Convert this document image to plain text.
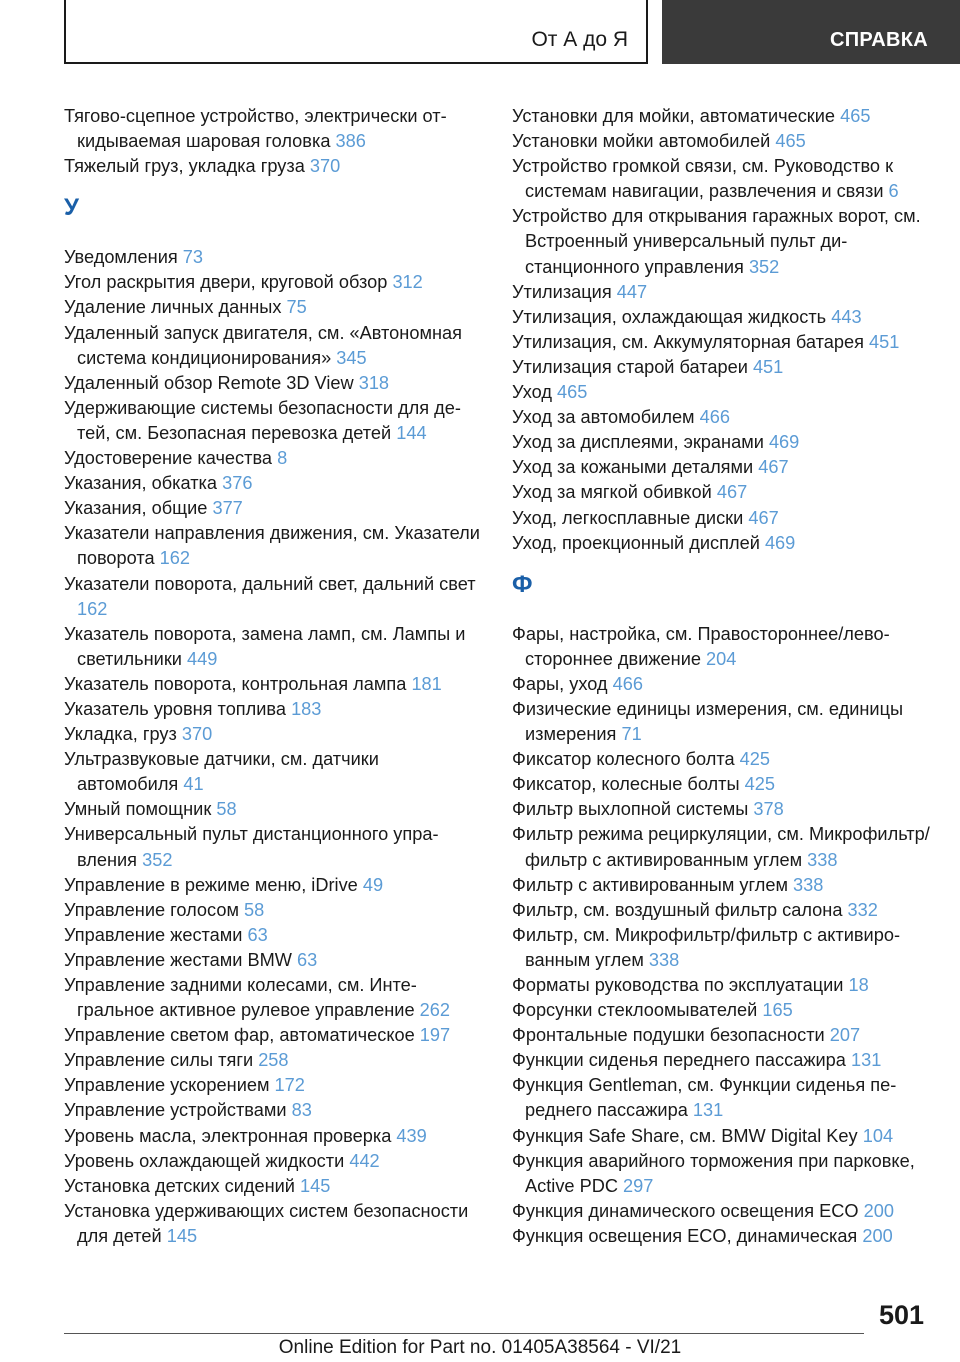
От А до Я	СПРАВКА
Тягово-сцепное устройство, электрически откидываемая шаровая головка 386
Тяжелый груз, укладка груза 370
У
Уведомления 73
Угол раскрытия двери, круговой обзор 312
Удаление личных данных 75
Удаленный запуск двигателя, см. «Автономная система кондиционирования» 345
Удаленный обзор Remote 3D View 318
Удерживающие системы безопасности для детей, см. Безопасная перевозка детей 144
Удостоверение качества 8
Указания, обкатка 376
Указания, общие 377
Указатели направления движения, см. Указатели поворота 162
Указатели поворота, дальний свет, дальний свет 162
Указатель поворота, замена ламп, см. Лампы и светильники 449
Указатель поворота, контрольная лампа 181
Указатель уровня топлива 183
Укладка, груз 370
Ультразвуковые датчики, см. датчики автомобиля 41
Умный помощник 58
Универсальный пульт дистанционного управления 352
Управление в режиме меню, iDrive 49
Управление голосом 58
Управление жестами 63
Управление жестами BMW 63
Управление задними колесами, см. Интегральное активное рулевое управление 262
Управление светом фар, автоматическое 197
Управление силы тяги 258
Управление ускорением 172
Управление устройствами 83
Уровень масла, электронная проверка 439
Уровень охлаждающей жидкости 442
Установка детских сидений 145
Установка удерживающих систем безопасности для детей 145
Установки для мойки, автоматические 465
Установки мойки автомобилей 465
Устройство громкой связи, см. Руководство к системам навигации, развлечения и связи 6
Устройство для открывания гаражных ворот, см. Встроенный универсальный пульт дистанционного управления 352
Утилизация 447
Утилизация, охлаждающая жидкость 443
Утилизация, см. Аккумуляторная батарея 451
Утилизация старой батареи 451
Уход 465
Уход за автомобилем 466
Уход за дисплеями, экранами 469
Уход за кожаными деталями 467
Уход за мягкой обивкой 467
Уход, легкосплавные диски 467
Уход, проекционный дисплей 469
Ф
Фары, настройка, см. Правостороннее/левостороннее движение 204
Фары, уход 466
Физические единицы измерения, см. единицы измерения 71
Фиксатор колесного болта 425
Фиксатор, колесные болты 425
Фильтр выхлопной системы 378
Фильтр режима рециркуляции, см. Микрофильтр/фильтр с активированным углем 338
Фильтр с активированным углем 338
Фильтр, см. воздушный фильтр салона 332
Фильтр, см. Микрофильтр/фильтр с активированным углем 338
Форматы руководства по эксплуатации 18
Форсунки стеклоомывателей 165
Фронтальные подушки безопасности 207
Функции сиденья переднего пассажира 131
Функция Gentleman, см. Функции сиденья переднего пассажира 131
Функция Safe Share, см. BMW Digital Key 104
Функция аварийного торможения при парковке, Active PDC 297
Функция динамического освещения ECO 200
Функция освещения ECO, динамическая 200
501
Online Edition for Part no. 01405A38564 - VI/21
